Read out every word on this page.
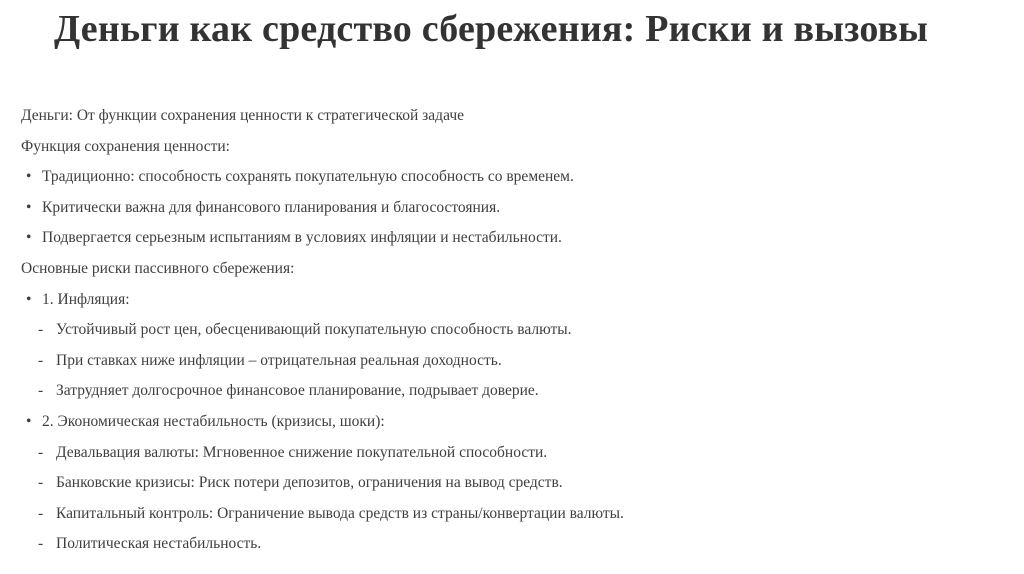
Деньги как средство сбережения: Риски и вызовы
Деньги: От функции сохранения ценности к стратегической задаче
Функция сохранения ценности:
• Традиционно: способность сохранять покупательную способность со временем.
• Критически важна для финансового планирования и благосостояния.
• Подвергается серьезным испытаниям в условиях инфляции и нестабильности.
Основные риски пассивного сбережения:
• 1. Инфляция:
- Устойчивый рост цен, обесценивающий покупательную способность валюты.
- При ставках ниже инфляции – отрицательная реальная доходность.
- Затрудняет долгосрочное финансовое планирование, подрывает доверие.
• 2. Экономическая нестабильность (кризисы, шоки):
- Девальвация валюты: Мгновенное снижение покупательной способности.
- Банковские кризисы: Риск потери депозитов, ограничения на вывод средств.
- Капитальный контроль: Ограничение вывода средств из страны/конвертации валюты.
- Политическая нестабильность.
